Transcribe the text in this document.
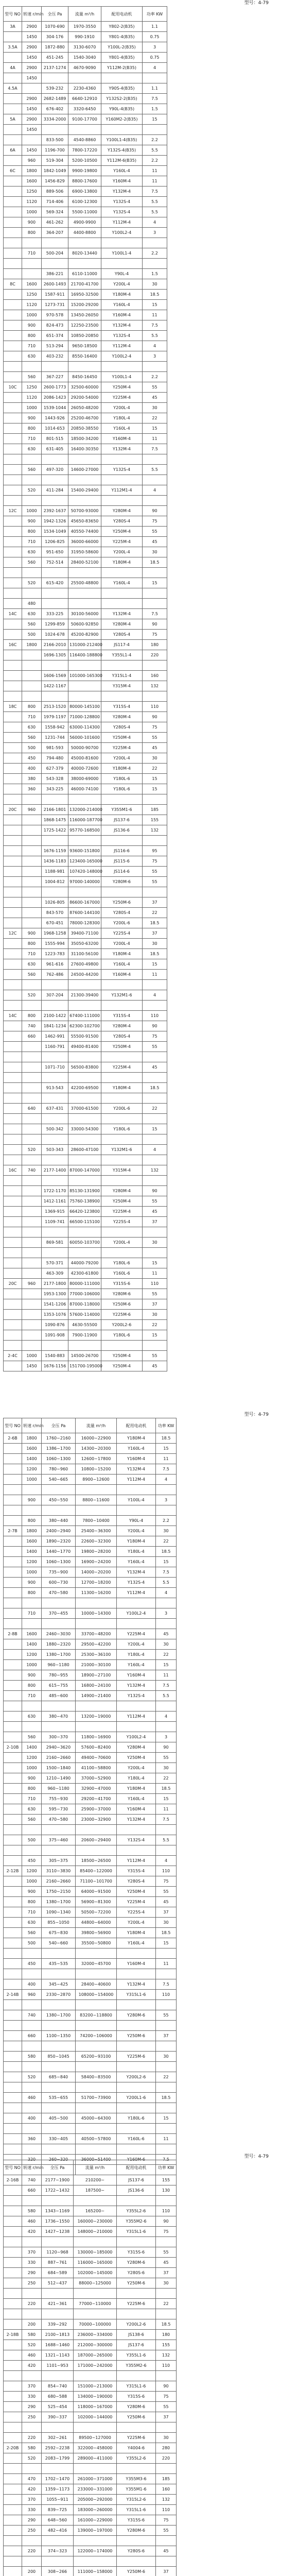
型号：4-79
型号 NO	转速 r/min	全压 Pa	流量 m³/h	配用电动机	功率 KW
3A	2900	1070-690	1970-3550	Y802-2(B35)	1.1
	1450	304-176	990-1910	Y801-4(B35)	0.75
3.5A	2900	1872-880	3130-6070	Y100L-2(B35)	3
	1450	451-245	1540-3040	Y801-4(B35)	0.75
4A	2900	2137-1274	4670-9090	Y112M-2(B35)	4
	1450				
4.5A		539-232	2230-4360	Y90S-4(B35)	1.1
	2900	2682-1489	6640-12910	Y132S2-2(B35)	7.5
	1450	676-402	3320-6450	Y90L-4(B35)	1.5
5A	2900	3334-2000	9100-17700	Y160M2-2(B35)	15
	1450				
		833-500	4540-8860	Y100L1-4(B35)	2.2
6A	1450	1196-700	7800-17220	Y132S-4(B35)	5.5
	960	519-304	5200-10500	Y112M-6(B35)	2.2
6C	1800	1842-1049	9900-19800	Y160L-4	11
	1600	1456-829	8800-17600	Y160M-4	11
	1250	889-506	6900-13800	Y132M-4	7.5
	1120	714-406	6100-12300	Y132S-4	5.5
	1000	569-324	5500-11000	Y132S-4	5.5
	900	461-262	4900-9900	Y112M-4	4
	800	364-207	4400-8800	Y100L2-4	3

	710	500-204	8020-13440	Y100L1-4	2.2

		386-221	6110-11000	Y90L-4	1.5
8C	1600	2600-1493	21700-41700	Y200L-4	30
	1250	1587-911	16950-32500	Y180M-4	18.5
	1120	1273-731	15200-29200	Y160L-4	15
	1000	970-578	13450-26050	Y160M-4	11
	900	824-473	12250-23500	Y132M-4	7.5
	800	651-374	10850-20850	Y132S-4	5.5
	710	513-294	9650-18500	Y112M-4	4
	630	403-232	8550-16400	Y100L2-4	3

	560	367-227	8450-16450	Y100L1-4	2.2
10C	1250	2600-1773	32500-60000	Y250M-4	55
	1120	2086-1423	29200-54000	Y225M-4	45
	1000	1539-1044	26050-48200	Y200L-4	30
	900	1443-926	25200-46700	Y180L-4	22
	800	1014-653	20850-38550	Y160L-4	15
	710	801-515	18500-34200	Y160M-4	11
	630	631-405	16400-30350	Y132M-4	7.5

	560	497-320	14600-27000	Y132S-4	5.5

	520	411-284	15400-29400	Y112M1-4	4

12C	1000	2392-1637	50700-93000	Y280M-4	90
	900	1942-1326	45650-83650	Y280S-4	75
	800	1534-1049	40550-74400	Y250M-4	55
	710	1206-825	36000-66000	Y225M-4	45
	630	951-650	31950-58600	Y200L-4	30
	560	752-514	28400-52100	Y180M-4	18.5

	520	615-420	25500-48800	Y160L-4	15

	480				
14C	630	333-225	30100-56000	Y132M-4	7.5
	560	1299-859	50600-92850	Y280M-4	90
	500	1024-678	45200-82900	Y280S-4	75
16C	1800	2166-2010	131000-212400	JS117-4	180
		1696-1305	116400-188800	Y355L1-4	220

		1606-1569	101000-165300	Y315L1-4	160
		1422-1167		Y315M-4	132

18C	800	2513-1520	80000-145100	Y315S-4	110
	710	1979-1197	71000-128800	Y280M-4	90
	630	1558-942	63000-114300	Y280S-4	75
	560	1231-744	56000-101600	Y250M-4	55
	500	981-593	50000-90700	Y225M-4	45
	450	794-480	45000-81600	Y200L-4	30
	400	627-379	40000-72600	Y180M-4	22
	380	543-328	38000-69000	Y180L-6	15
	360	343-225	46000-74100	Y180L-6	15

20C	960	2166-1801	132000-214000	Y355M1-6	185
		1868-1475	116000-187700	JS137-6	155
		1725-1422	95770-168500	JS136-6	132

		1676-1159	93600-151800	JS116-6	95
		1436-1183	123400-165000	JS115-6	75
		1188-981	107420-148000	JS114-6	55
		1004-812	97000-140000	Y280M-6	55

		1026-805	86600-167000	Y250M-6	37
		843-570	87600-144100	Y280S-4	22
		670-451	78000-128300	Y200L-6	18.5
12C	900	1968-1258	39400-71100	Y225S-4	37
	800	1555-994	35050-63200	Y200L-4	30
	710	1223-783	31100-56100	Y180M-4	18.5
	630	961-616	27600-49800	Y160L-4	15
	560	762-486	24500-44200	Y160M-4	11

	520	307-204	21300-39400	Y132M1-6	4

14C	800	2100-1422	67400-111000	Y315S-4	110
	740	1841-1234	62300-102700	Y280M-4	90
	660	1462-991	55500-91500	Y280S-4	75
		1160-791	49400-81400	Y250M-4	55

		1071-710	56500-83800	Y225M-4	45

		913-543	42200-69500	Y180M-4	18.5

	640	637-431	37000-61500	Y200L-6	22

		500-342	33000-54300	Y180L-6	15

	520	503-343	28600-47100	Y132M1-6	4

16C	740	2177-1400	87000-147000	Y315M-4	132

		1722-1170	85130-131900	Y280M-4	90
		1412-1161	75760-138900	Y250M-4	55
		1369-915	66420-123800	Y225M-4	45
		1109-741	66500-115100	Y225S-4	37

		869-581	60050-103700	Y200L-4	30

		570-371	44000-79200	Y180L-6	15
		463-309	42300-61800	Y160L-6	11
20C	960	2177-1800	80000-111000	Y315S-6	110
		1953-1300	77000-106000	Y280M-6	55
		1541-1206	87000-118000	Y250M-6	37
		1353-1076	57600-114000	Y225M-6	30
		1090-876	4630-55500	Y200L2-6	22
		1091-908	7900-11900	Y180L-6	15

2-4C	1000	1540-883	14500-26700	Y250M-4	55
	1450	1676-1156	151700-195000	Y250M-4	45
型号：4-79
型号 NO	转速 r/min	全压 Pa	流量 m³/h	配用电动机	功率 KW
2-6B	1800	1760~2160	16000~22900	Y180M-4	18.5
	1600	1386~1700	14300~20300	Y160L-4	15
	1400	1060~1300	12600~17800	Y160M-4	11
	1200	780~960	10800~15200	Y132M-4	7.5
	1000	540~665	8900~12600	Y112M-4	4

	900	450~550	8800~11600	Y100L-4	3

	800	380~440	7800~10400	Y90L-4	2.2
2-7B	1800	2400~2940	25400~36300	Y200L-4	30
	1600	1890~2320	22600~32300	Y180M-4	22
	1400	1440~1770	19800~28200	Y180L-4	18.5
	1200	1060~1300	16900~24200	Y160L-4	15
	1000	735~900	14000~20200	Y132M-4	7.5
	900	600~730	12700~18200	Y132S-4	5.5
	800	470~580	11300~16200	Y112M-4	4

	710	370~455	10000~14300	Y100L2-4	3

2-8B	1600	2460~3030	33700~48200	Y225M-4	45
	1400	1880~2320	29500~42200	Y200L-4	30
	1200	1380~1700	25300~36100	Y180L-4	22
	1000	960~1180	21000~30100	Y160L-4	15
	900	780~955	18900~27100	Y160M-4	11
	800	615~755	16800~24100	Y132M-4	7.5
	710	485~600	14900~21400	Y132S-4	5.5

	630	380~470	13200~19000	Y112M-4	4

	560	300~370	11800~16900	Y100L2-4	3
2-10B	1400	2940~3620	57600~82400	Y280M-4	90
	1200	2160~2660	49400~70600	Y250M-4	55
	1000	1500~1840	41100~58800	Y200L-4	30
	900	1210~1490	37000~52900	Y180L-4	22
	800	960~1180	32900~47000	Y180M-4	18.5
	710	755~930	29200~41700	Y160L-4	15
	630	595~730	25900~37000	Y160M-4	11
	560	470~580	23000~32900	Y132M-4	7.5

	500	375~460	20600~29400	Y132S-4	5.5

	450	305~375	18500~26500	Y112M-4	4
2-12B	1200	3110~3830	85400~122000	Y315S-4	110
	1000	2160~2660	71100~101700	Y280S-4	75
	900	1750~2150	64000~91500	Y250M-4	55
	800	1380~1700	56900~81300	Y225M-4	45
	710	1090~1340	50500~72200	Y225S-4	37
	630	855~1050	44800~64000	Y200L-4	30
	560	675~830	39800~56900	Y180M-4	18.5
	500	540~660	35500~50800	Y160L-4	15

	450	435~535	32000~45700	Y160M-4	11

	400	345~425	28400~40600	Y132M-4	7.5
2-14B	960	2330~2870	108000~154000	Y315L1-6	110

	740	1380~1700	83200~118800	Y280M-6	55

	660	1100~1350	74200~106000	Y250M-6	37

	580	850~1045	65200~93100	Y225M-6	30

	520	685~840	58400~83500	Y200L2-6	22

	460	535~655	51700~73900	Y200L1-6	18.5

	400	405~500	45000~64300	Y180L-6	15

	360	330~405	40500~57800	Y160L-6	11

	320	260~320	36000~51400	Y160M-6	7.5

型号：4-79
型号 NO	转速 r/min	全压 Pa	流量 m³/h	配用电动机	功率 KW
2-16B	740	2177~1900	210200~	JS137-6	155
	660	1722~1432	187500~	JS136-6	130

	580	1343~1169	165200~	Y355L2-6	110
	460	1736~1550	160000~230000	Y355M2-6	90
	420	1427~1238	148000~210000	Y315L1-6	75

	370	1120~968	130000~185000	Y315S-6	55
	330	887~761	116000~165000	Y280M-6	45
	290	684~589	102000~145000	Y280S-6	37
	250	512~437	88000~125000	Y250M-6	30

	220	421~361	77000~110000	Y225M-6	22

	200	339~292	70000~100000	Y200L2-6	18.5
2-18B	580	2100~1813	236000~334000	JS138-6	180
	520	1688~1460	212000~300000	JS137-6	155
	460	1321~1143	187000~265000	Y355L1-6	132
	420	1101~953	171000~242000	Y355M2-6	110

	370	854~740	151000~213000	Y315L1-6	90
	330	680~588	134000~190000	Y315S-6	75
	290	525~454	118000~167000	Y280M-6	55
	250	390~337	102000~144000	Y250M-6	37

	220	302~261	89500~127000	Y225M-6	30
2-20B	580	2592~2238	322000~458000	Y4004-6	280
	520	2083~1799	289000~411000	Y355L2-6	220

	470	1702~1470	261000~371000	Y355M3-6	185
	420	1359~1173	233000~331000	Y355M1-6	160
	370	1055~911	205000~292000	Y315L2-6	132
	330	839~725	183000~260000	Y315L1-6	110
	290	648~560	161000~229000	Y315S-6	75
	250	482~416	139000~197000	Y280M-6	55

	220	374~323	122000~174000	Y280S-6	45

	200	308~266	111000~158000	Y250M-6	37
